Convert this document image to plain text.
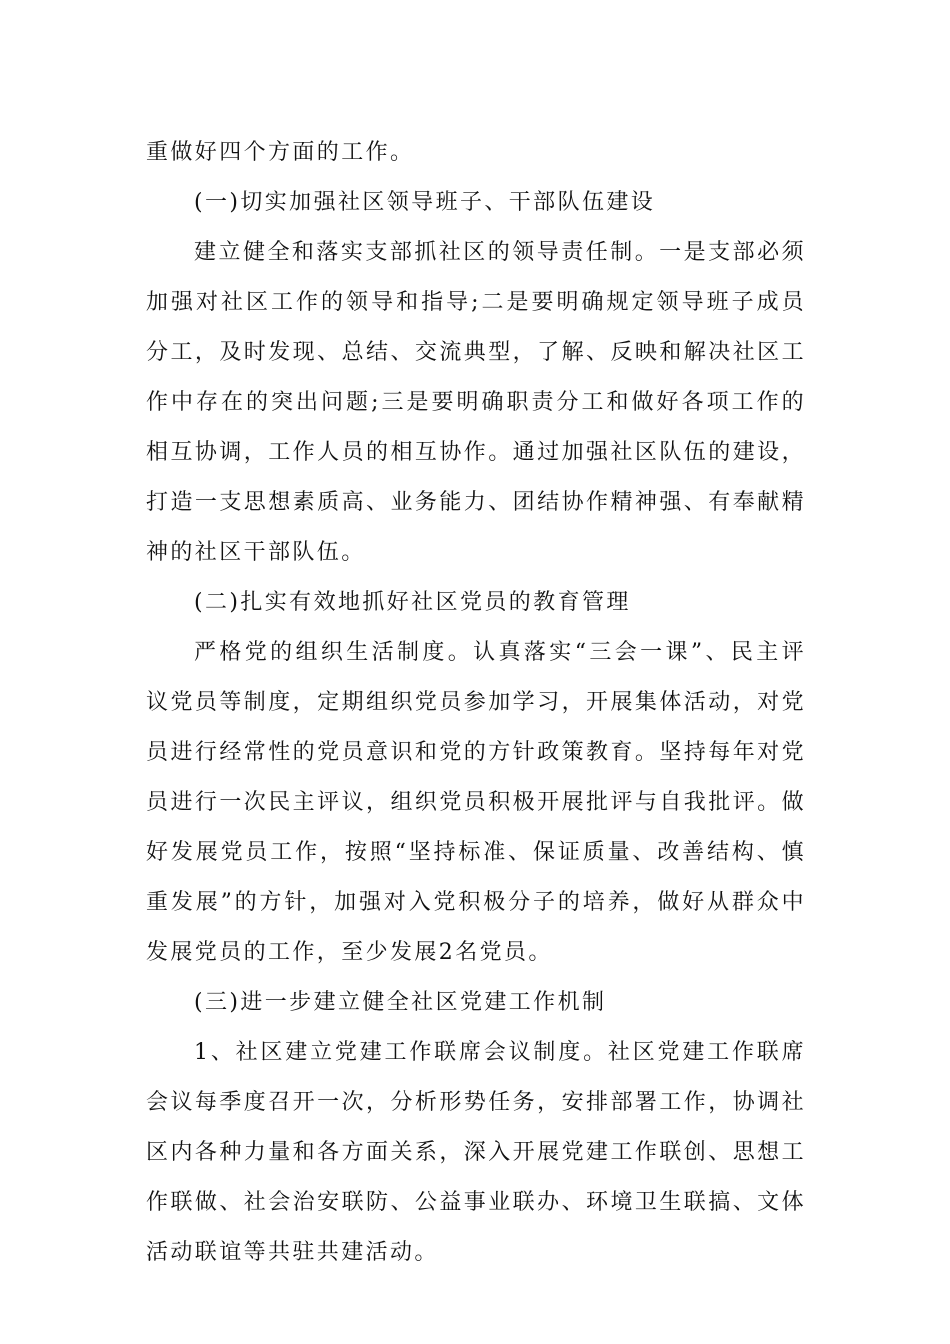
重做好四个方面的工作。

(一)切实加强社区领导班子、干部队伍建设

建立健全和落实支部抓社区的领导责任制。一是支部必须加强对社区工作的领导和指导;二是要明确规定领导班子成员分工，及时发现、总结、交流典型，了解、反映和解决社区工作中存在的突出问题;三是要明确职责分工和做好各项工作的相互协调，工作人员的相互协作。通过加强社区队伍的建设，打造一支思想素质高、业务能力、团结协作精神强、有奉献精神的社区干部队伍。

(二)扎实有效地抓好社区党员的教育管理

严格党的组织生活制度。认真落实“三会一课”、民主评议党员等制度，定期组织党员参加学习，开展集体活动，对党员进行经常性的党员意识和党的方针政策教育。坚持每年对党员进行一次民主评议，组织党员积极开展批评与自我批评。做好发展党员工作，按照“坚持标准、保证质量、改善结构、慎重发展”的方针，加强对入党积极分子的培养，做好从群众中发展党员的工作，至少发展2名党员。

(三)进一步建立健全社区党建工作机制

1、社区建立党建工作联席会议制度。社区党建工作联席会议每季度召开一次，分析形势任务，安排部署工作，协调社区内各种力量和各方面关系，深入开展党建工作联创、思想工作联做、社会治安联防、公益事业联办、环境卫生联搞、文体活动联谊等共驻共建活动。
